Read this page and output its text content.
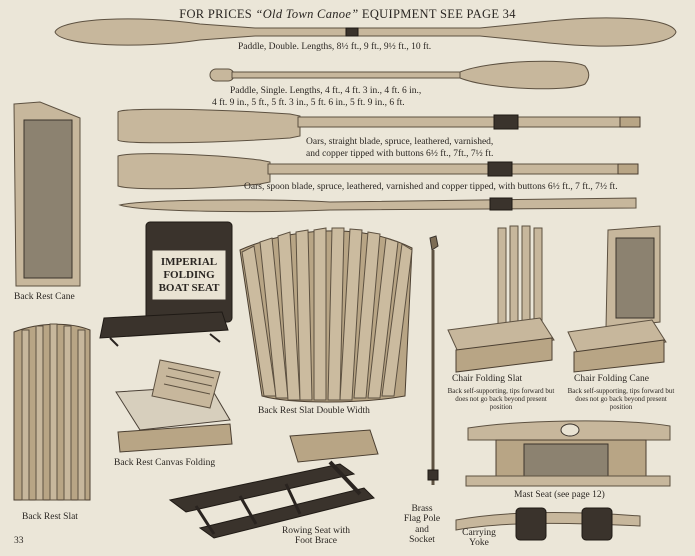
FOR PRICES “Old Town Canoe” EQUIPMENT SEE PAGE 34
Paddle, Double. Lengths, 8½ ft., 9 ft., 9½ ft., 10 ft.
Paddle, Single. Lengths, 4 ft., 4 ft. 3 in., 4 ft. 6 in.,
4 ft. 9 in., 5 ft., 5 ft. 3 in., 5 ft. 6 in., 5 ft. 9 in., 6 ft.
Oars, straight blade, spruce, leathered, varnished,
and copper tipped with buttons 6½ ft., 7ft., 7½ ft.
Oars, spoon blade, spruce, leathered, varnished and copper tipped, with buttons 6½ ft., 7 ft., 7½ ft.
Back Rest Cane
IMPERIAL
FOLDING
BOAT SEAT
Back Rest Slat Double Width
Chair Folding Slat
Back self-supporting, tips forward but does not go back beyond present position
Chair Folding Cane
Back self-supporting, tips forward but does not go back beyond present position
Back Rest Canvas Folding
Mast Seat (see page 12)
Back Rest Slat
Rowing Seat with
Foot Brace
Brass
Flag Pole
and
Socket
Carrying
Yoke
33
